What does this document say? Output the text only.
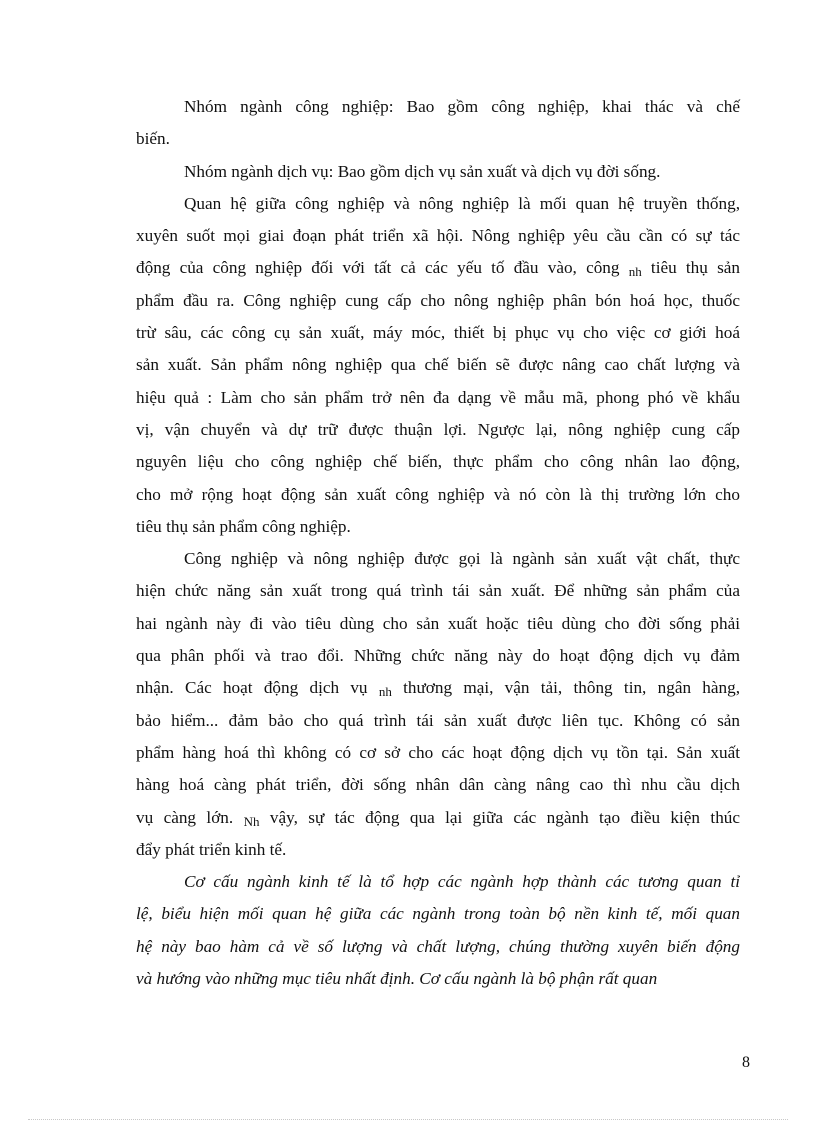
Nhóm ngành công nghiệp: Bao gồm công nghiệp, khai thác và chế
biến.
Nhóm ngành dịch vụ: Bao gồm dịch vụ sản xuất và dịch vụ đời sống.
Quan hệ giữa công nghiệp và nông nghiệp là mối quan hệ truyền thống,
xuyên suốt mọi giai đoạn phát triển xã hội. Nông nghiệp yêu cầu cần có sự tác
động của công nghiệp đối với tất cả các yếu tố đầu vào, công nh tiêu thụ sản
phẩm đầu ra. Công nghiệp cung cấp cho nông nghiệp phân bón hoá học, thuốc
trừ sâu, các công cụ sản xuất, máy móc, thiết bị phục vụ cho việc cơ giới hoá
sản xuất. Sản phẩm nông nghiệp qua chế biến sẽ được nâng cao chất lượng và
hiệu quả : Làm cho sản phẩm trở nên đa dạng về mẫu mã, phong phó về khẩu
vị, vận chuyển và dự trữ được thuận lợi. Ngược lại, nông nghiệp cung cấp
nguyên liệu cho công nghiệp chế biến, thực phẩm cho công nhân lao động,
cho mở rộng hoạt động sản xuất công nghiệp và nó còn là thị trường lớn cho
tiêu thụ sản phẩm công nghiệp.
Công nghiệp và nông nghiệp được gọi là ngành sản xuất vật chất, thực
hiện chức năng sản xuất trong quá trình tái sản xuất. Để những sản phẩm của
hai ngành này đi vào tiêu dùng cho sản xuất hoặc tiêu dùng cho đời sống phải
qua phân phối và trao đổi. Những chức năng này do hoạt động dịch vụ đảm
nhận. Các hoạt động dịch vụ nh thương mại, vận tải, thông tin, ngân hàng,
bảo hiểm... đảm bảo cho quá trình tái sản xuất được liên tục. Không có sản
phẩm hàng hoá thì không có cơ sở cho các hoạt động dịch vụ tồn tại. Sản xuất
hàng hoá càng phát triển, đời sống nhân dân càng nâng cao thì nhu cầu dịch
vụ càng lớn. Nh vậy, sự tác động qua lại giữa các ngành tạo điều kiện thúc
đẩy phát triển kinh tế.
Cơ cấu ngành kinh tế là tổ hợp các ngành hợp thành các tương quan tỉ
lệ, biểu hiện mối quan hệ giữa các ngành trong toàn bộ nền kinh tế, mối quan
hệ này bao hàm cả về số lượng và chất lượng, chúng thường xuyên biến động
và hướng vào những mục tiêu nhất định. Cơ cấu ngành là bộ phận rất quan
8
